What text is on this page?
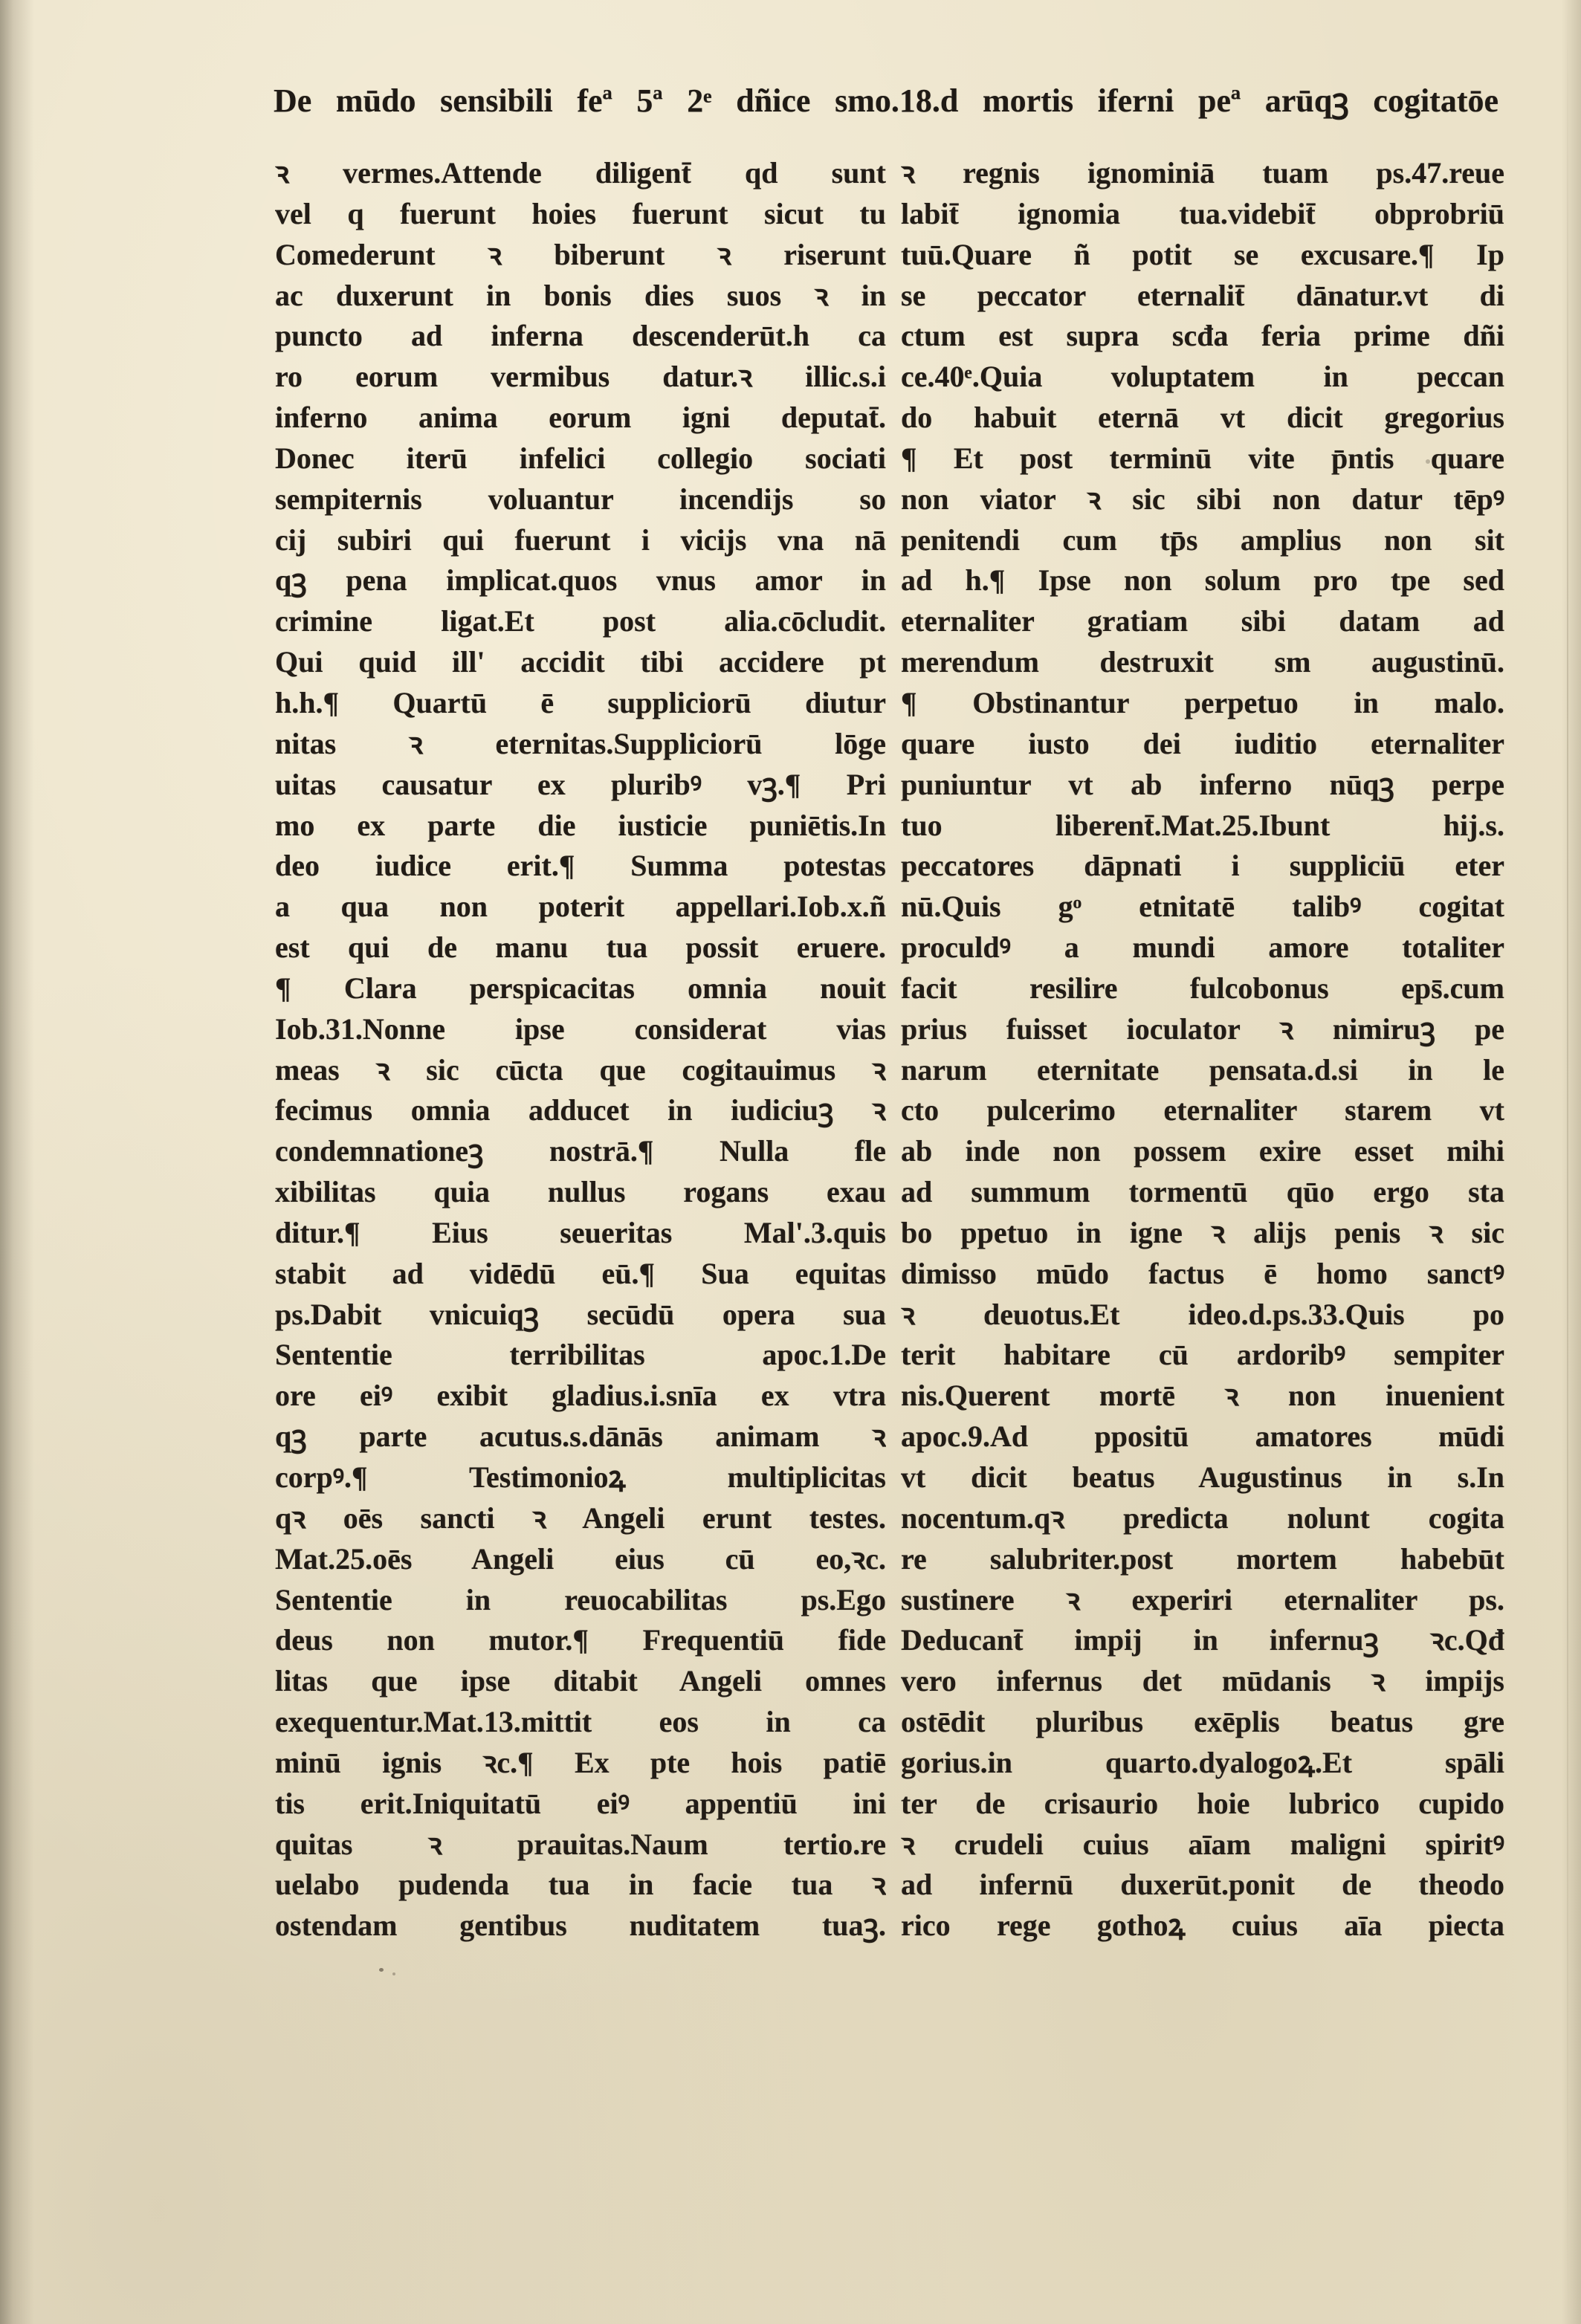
De mūdo sensibili feª 5ª 2ᵉ dñice smo.18.d mortis iferni peª arūqꝫ cogitatōe
ꝛ vermes.Attende diligent̄ qd sunt
vel q fuerunt hoies fuerunt sicut tu
Comederunt ꝛ biberunt ꝛ riserunt
ac duxerunt in bonis dies suos ꝛ in
puncto ad inferna descenderūt.h ca
ro eorum vermibus datur.ꝛ illic.s.i
inferno anima eorum igni deputat̄.
Donec iterū infelici collegio sociati
sempiternis voluantur incendijs so
cij subiri qui fuerunt i vicijs vna nā
qꝫ pena implicat.quos vnus amor in
crimine ligat.Et post alia.cōcludit.
Qui quid ill' accidit tibi accidere pt
h.h.¶ Quartū ē suppliciorū diutur
nitas ꝛ eternitas.Suppliciorū lōge
uitas causatur ex pluribꝰ vꝫ.¶ Pri
mo ex parte die iusticie puniētis.In
deo iudice erit.¶ Summa potestas
a qua non poterit appellari.Iob.x.ñ
est qui de manu tua possit eruere.
¶ Clara perspicacitas omnia nouit
Iob.31.Nonne ipse considerat vias
meas ꝛ sic cūcta que cogitauimus ꝛ
fecimus omnia adducet in iudiciuꝫ ꝛ
condemnationeꝫ nostrā.¶ Nulla fle
xibilitas quia nullus rogans exau
ditur.¶ Eius seueritas Mal'.3.quis
stabit ad vidēdū eū.¶ Sua equitas
ps.Dabit vnicuiqꝫ secūdū opera sua
Sententie terribilitas apoc.1.De
ore eiꝰ exibit gladius.i.snīa ex vtra
qꝫ parte acutus.s.dānās animam ꝛ
corpꝰ.¶ Testimonioꝝ multiplicitas
qꝛ oēs sancti ꝛ Angeli erunt testes.
Mat.25.oēs Angeli eius cū eo,ꝛc.
Sententie in reuocabilitas ps.Ego
deus non mutor.¶ Frequentiū fide
litas que ipse ditabit Angeli omnes
exequentur.Mat.13.mittit eos in ca
minū ignis ꝛc.¶ Ex pte hois patiē
tis erit.Iniquitatū eiꝰ appentiū ini
quitas ꝛ prauitas.Naum tertio.re
uelabo pudenda tua in facie tua ꝛ
ostendam gentibus nuditatem tuaꝫ.
ꝛ regnis ignominiā tuam ps.47.reue
labit̄ ignomia tua.videbit̄ obprobriū
tuū.Quare ñ potit se excusare.¶ Ip
se peccator eternalit̄ dānatur.vt di
ctum est supra scđa feria prime dñi
ce.40ᵉ.Quia voluptatem in peccan
do habuit eternā vt dicit gregorius
¶ Et post terminū vite p̄ntis quare
non viator ꝛ sic sibi non datur tēpꝰ
penitendi cum tp̄s amplius non sit
ad h.¶ Ipse non solum pro tpe sed
eternaliter gratiam sibi datam ad
merendum destruxit sm augustinū.
¶ Obstinantur perpetuo in malo.
quare iusto dei iuditio eternaliter
puniuntur vt ab inferno nūqꝫ perpe
tuo liberent̄.Mat.25.Ibunt hij.s.
peccatores dāpnati i suppliciū eter
nū.Quis gᵒ etnitatē talibꝰ cogitat
proculdꝰ a mundi amore totaliter
facit resilire fulcobonus eps̄.cum
prius fuisset ioculator ꝛ nimiruꝫ pe
narum eternitate pensata.d.si in le
cto pulcerimo eternaliter starem vt
ab inde non possem exire esset mihi
ad summum tormentū qūo ergo sta
bo ppetuo in igne ꝛ alijs penis ꝛ sic
dimisso mūdo factus ē homo sanctꝰ
ꝛ deuotus.Et ideo.d.ps.33.Quis po
terit habitare cū ardoribꝰ sempiter
nis.Querent mortē ꝛ non inuenient
apoc.9.Ad ppositū amatores mūdi
vt dicit beatus Augustinus in s.In
nocentum.qꝛ predicta nolunt cogita
re salubriter.post mortem habebūt
sustinere ꝛ experiri eternaliter ps.
Deducant̄ impij in infernuꝫ ꝛc.Qđ
vero infernus det mūdanis ꝛ impijs
ostēdit pluribus exēplis beatus gre
gorius.in quarto.dyalogoꝝ.Et spāli
ter de crisaurio hoie lubrico cupido
ꝛ crudeli cuius aīam maligni spiritꝰ
ad infernū duxerūt.ponit de theodo
rico rege gothoꝝ cuius aīa piecta
